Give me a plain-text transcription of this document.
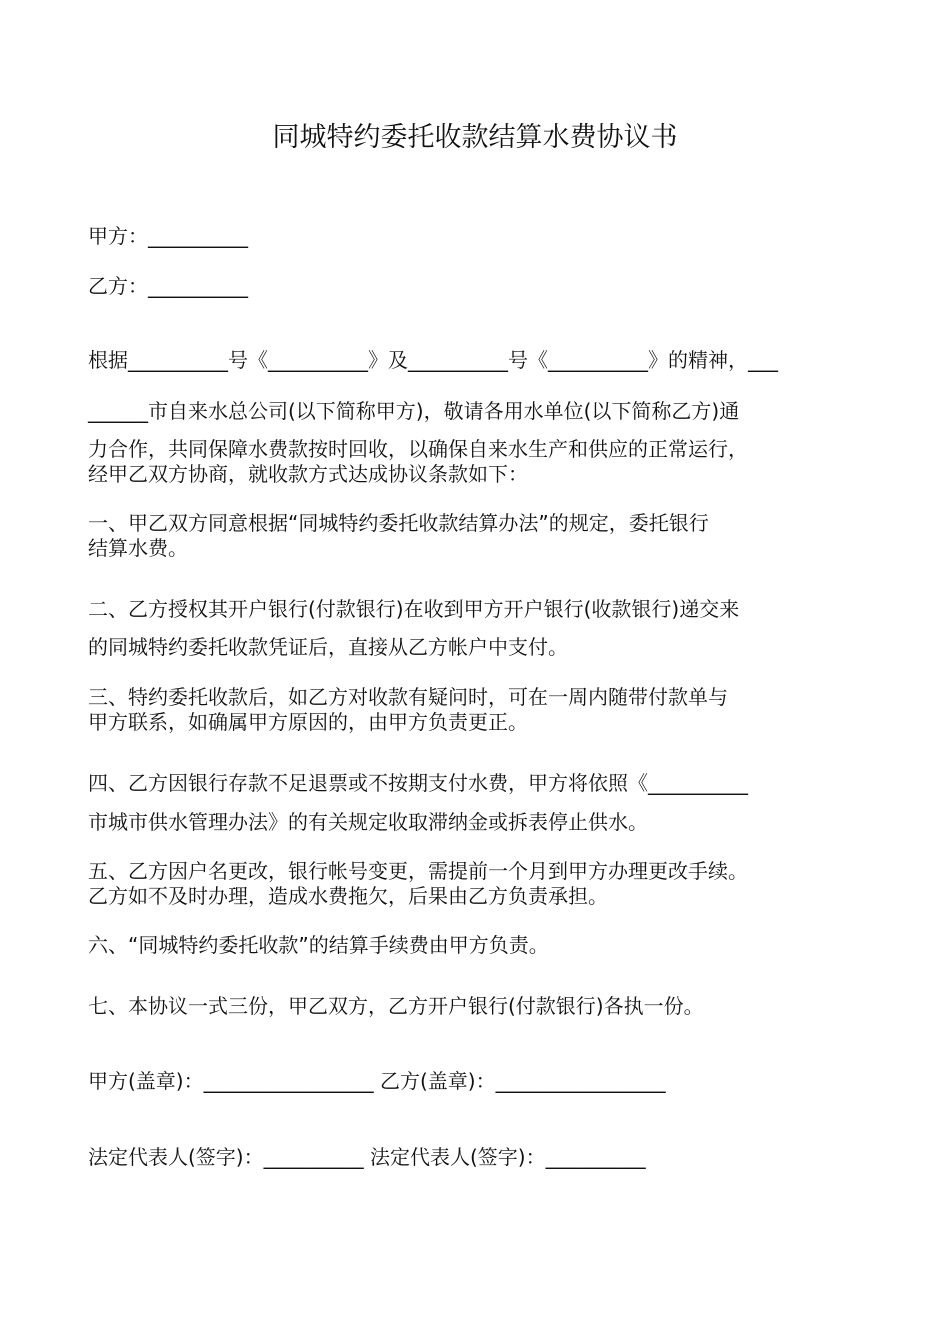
同城特约委托收款结算水费协议书

甲方：__________

乙方：__________

根据__________号《__________》及__________号《__________》的精神，___

______市自来水总公司(以下简称甲方)，敬请各用水单位(以下简称乙方)通

力合作，共同保障水费款按时回收，以确保自来水生产和供应的正常运行，

经甲乙双方协商，就收款方式达成协议条款如下：

一、甲乙双方同意根据“同城特约委托收款结算办法”的规定，委托银行

结算水费。

二、乙方授权其开户银行(付款银行)在收到甲方开户银行(收款银行)递交来

的同城特约委托收款凭证后，直接从乙方帐户中支付。

三、特约委托收款后，如乙方对收款有疑问时，可在一周内随带付款单与

甲方联系，如确属甲方原因的，由甲方负责更正。

四、乙方因银行存款不足退票或不按期支付水费，甲方将依照《__________

市城市供水管理办法》的有关规定收取滞纳金或拆表停止供水。

五、乙方因户名更改，银行帐号变更，需提前一个月到甲方办理更改手续。

乙方如不及时办理，造成水费拖欠，后果由乙方负责承担。

六、“同城特约委托收款”的结算手续费由甲方负责。

七、本协议一式三份，甲乙双方，乙方开户银行(付款银行)各执一份。

甲方(盖章)：_________________ 乙方(盖章)：_________________

法定代表人(签字)：__________ 法定代表人(签字)：__________
